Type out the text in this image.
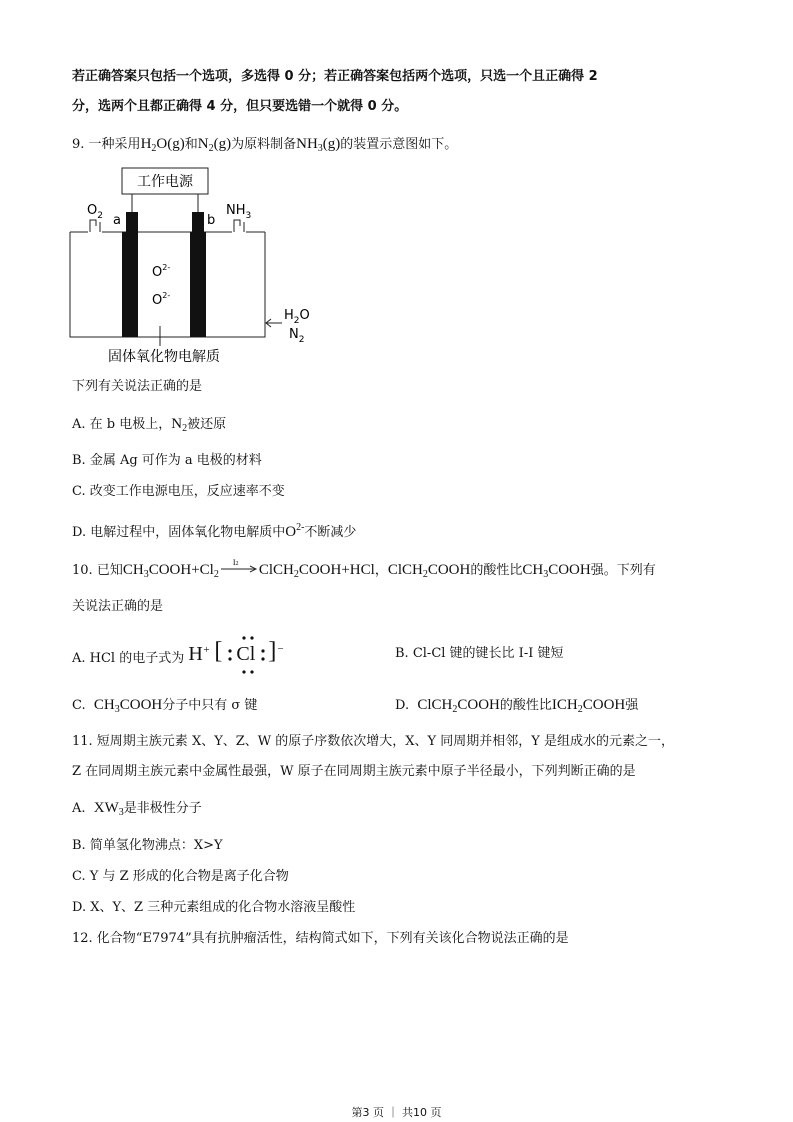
若正确答案只包括一个选项，多选得 0 分；若正确答案包括两个选项，只选一个且正确得 2
分，选两个且都正确得 4 分，但只要选错一个就得 0 分。
9. 一种采用$H_2O(g)$和$N_2(g)$为原料制备$NH_3(g)$的装置示意图如下。
工作电源
$O_2$ a	b
$NH_3$
$O^{2-}$
$O^{2-}$
$H_2O$
$N_2$
固体氧化物电解质
下列有关说法正确的是
A. 在 b 电极上，$N_2$被还原
B. 金属 Ag 可作为 a 电极的材料
C. 改变工作电源电压，反应速率不变
D. 电解过程中，固体氧化物电解质中$O^{2-}$不断减少
10. 已知$CH_3COOH+Cl_2$
I2 ClCH$_2$COOH+HCl，ClCH$_2$COOH的酸性比$CH_3COOH$强。下列有
关说法正确的是
A. HCl 的电子式为 H + [ Cl ] −	B. Cl-Cl 键的键长比 I-I 键短
C. $CH_3COOH$分子中只有 σ 键	D. ClCH$_2$COOH的酸性比$ICH_2COOH$强
11. 短周期主族元素 X、Y、Z、W 的原子序数依次增大，X、Y 同周期并相邻，Y 是组成水的元素之一，
Z 在同周期主族元素中金属性最强，W 原子在同周期主族元素中原子半径最小，下列判断正确的是
A. $XW_3$是非极性分子
B. 简单氢化物沸点：X>Y
C. Y 与 Z 形成的化合物是离子化合物
D. X、Y、Z 三种元素组成的化合物水溶液呈酸性
12. 化合物“E7974”具有抗肿瘤活性，结构简式如下，下列有关该化合物说法正确的是
第3 页 ｜ 共10 页
